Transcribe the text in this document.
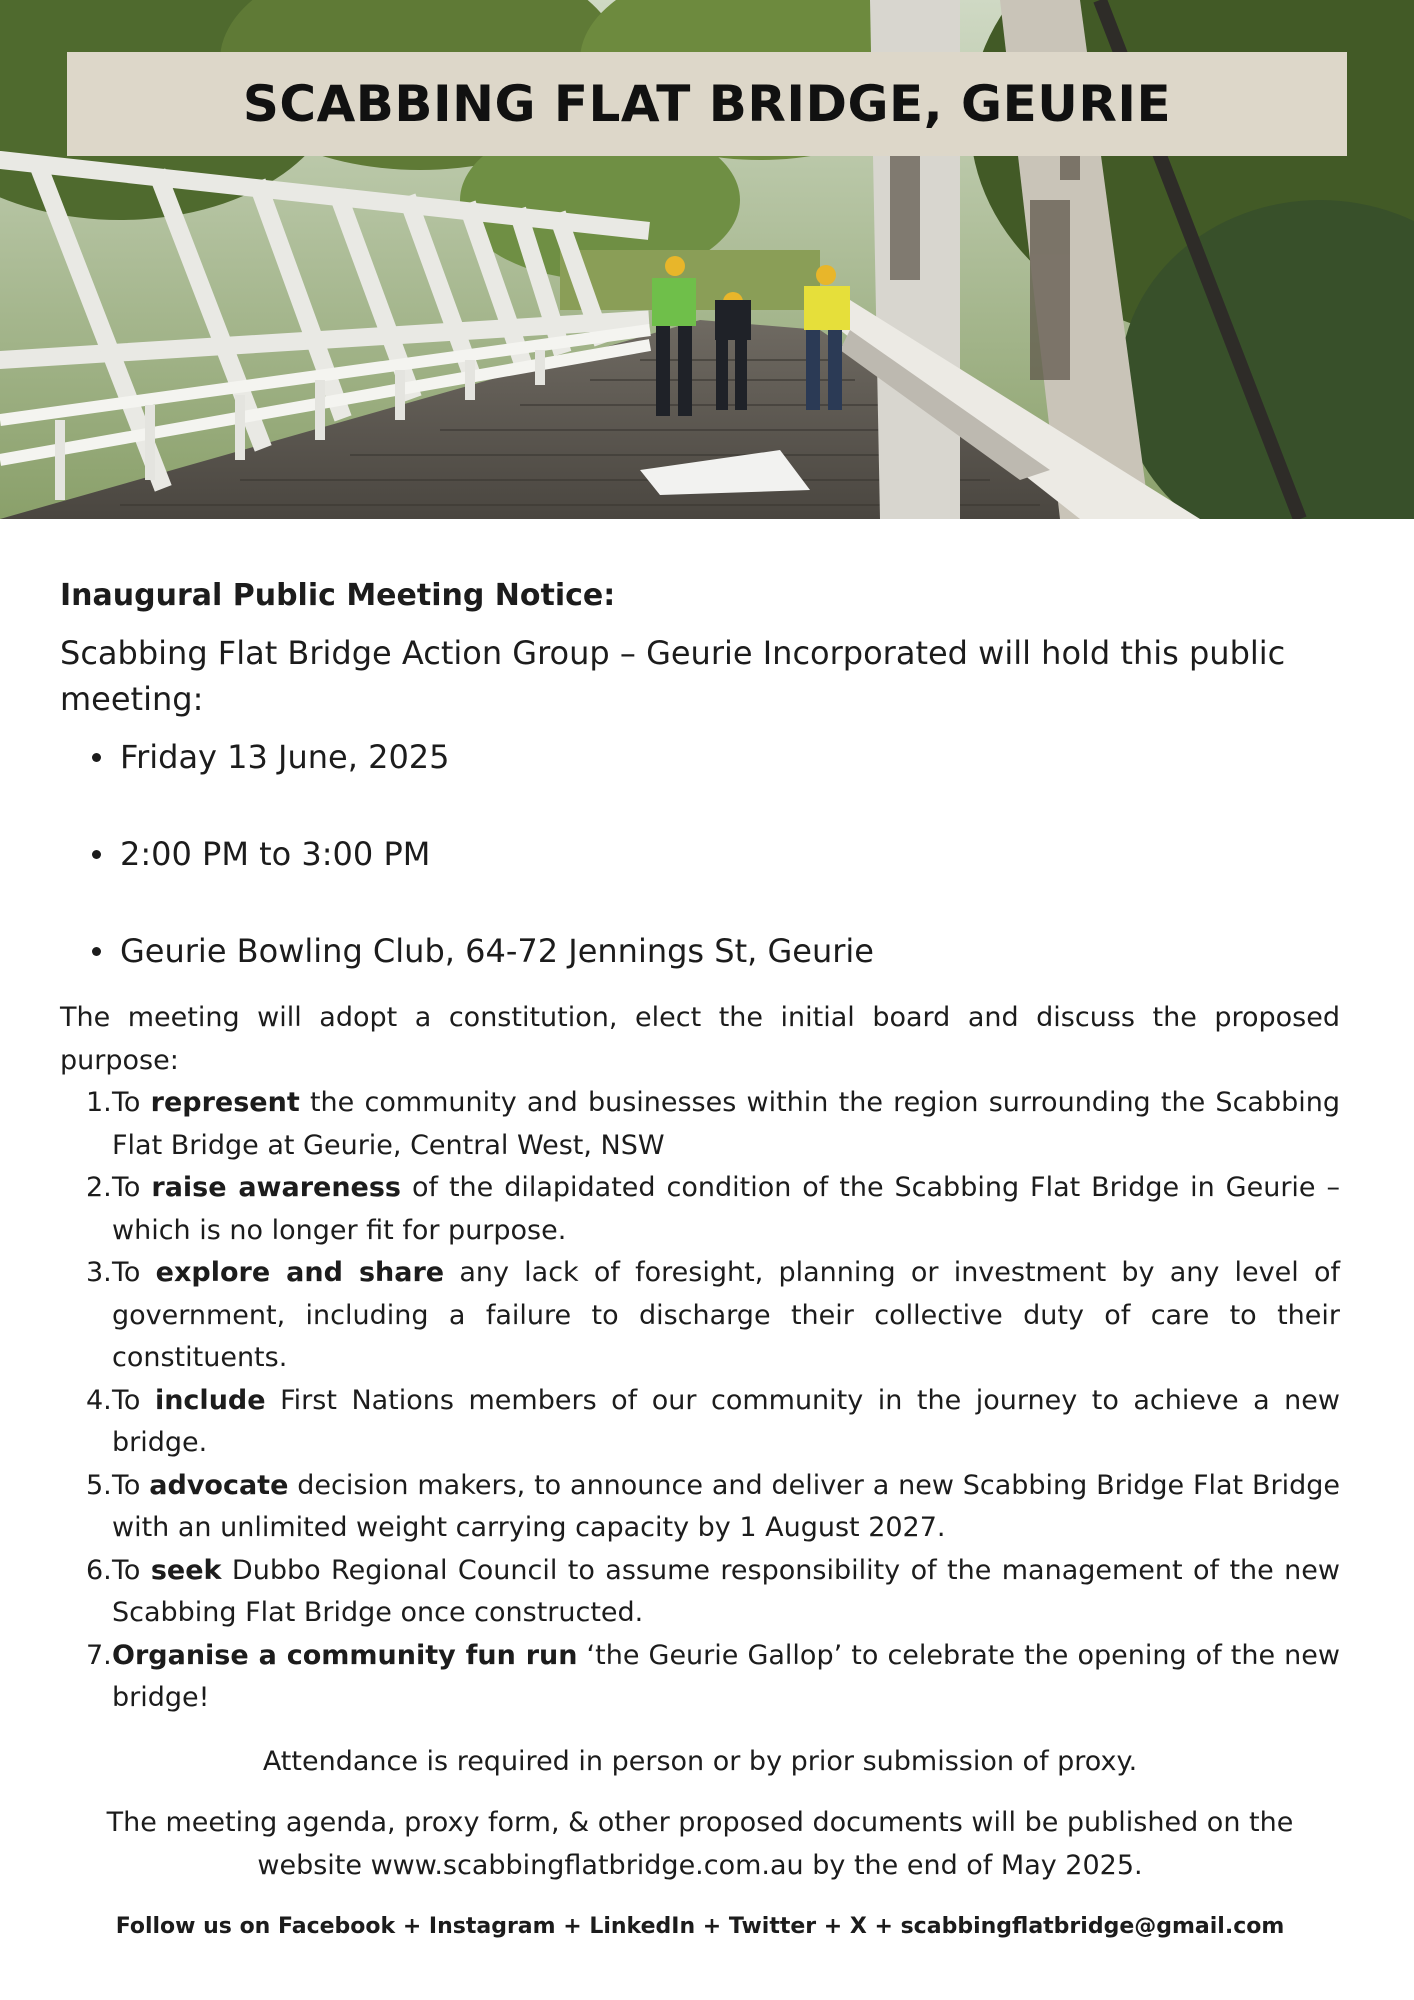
SCABBING FLAT BRIDGE, GEURIE
Inaugural Public Meeting Notice:

Scabbing Flat Bridge Action Group – Geurie Incorporated will hold this public meeting:

Friday 13 June, 2025
2:00 PM to 3:00 PM
Geurie Bowling Club, 64-72 Jennings St, Geurie

The meeting will adopt a constitution, elect the initial board and discuss the proposed purpose:

1. To represent the community and businesses within the region surrounding the Scabbing Flat Bridge at Geurie, Central West, NSW
2. To raise awareness of the dilapidated condition of the Scabbing Flat Bridge in Geurie – which is no longer fit for purpose.
3. To explore and share any lack of foresight, planning or investment by any level of government, including a failure to discharge their collective duty of care to their constituents.
4. To include First Nations members of our community in the journey to achieve a new bridge.
5. To advocate decision makers, to announce and deliver a new Scabbing Bridge Flat Bridge with an unlimited weight carrying capacity by 1 August 2027.
6. To seek Dubbo Regional Council to assume responsibility of the management of the new Scabbing Flat Bridge once constructed.
7. Organise a community fun run ‘the Geurie Gallop’ to celebrate the opening of the new bridge!

Attendance is required in person or by prior submission of proxy.

The meeting agenda, proxy form, & other proposed documents will be published on the website www.scabbingflatbridge.com.au by the end of May 2025.

Follow us on Facebook + Instagram + LinkedIn + Twitter + X + scabbingflatbridge@gmail.com
